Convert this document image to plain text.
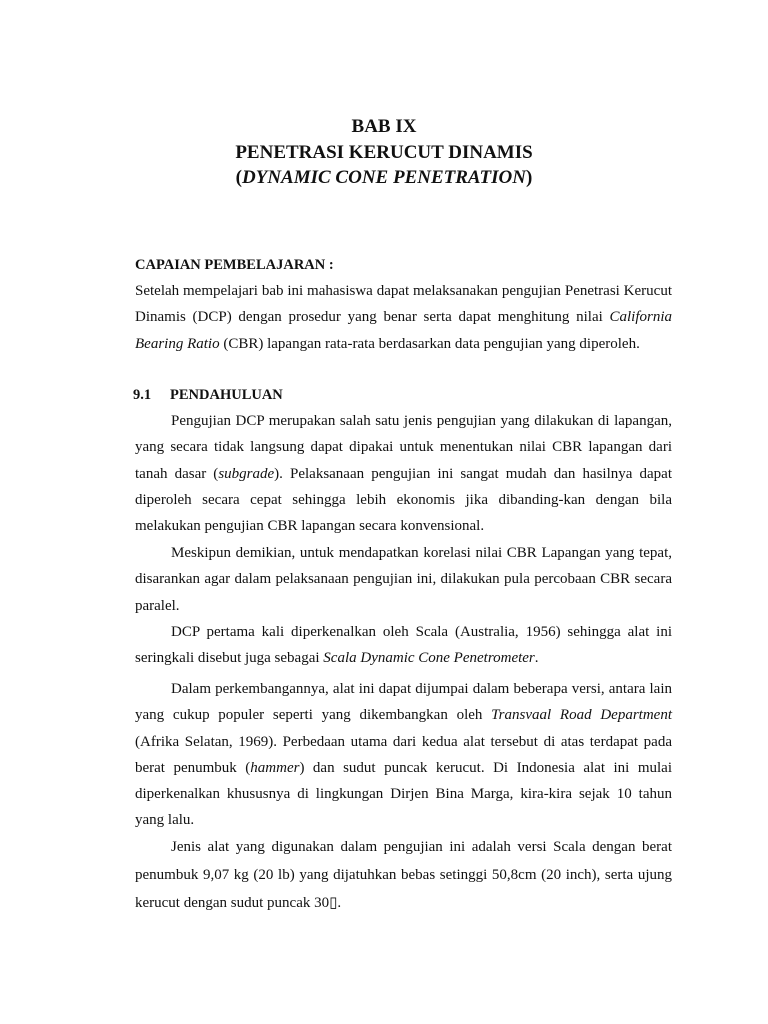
BAB IX
PENETRASI KERUCUT DINAMIS
(DYNAMIC CONE PENETRATION)
CAPAIAN PEMBELAJARAN :

Setelah mempelajari bab ini mahasiswa dapat melaksanakan pengujian Penetrasi Kerucut Dinamis (DCP) dengan prosedur yang benar serta dapat menghitung nilai California Bearing Ratio (CBR) lapangan rata-rata berdasarkan data pengujian yang diperoleh.

9.1 PENDAHULUAN

Pengujian DCP merupakan salah satu jenis pengujian yang dilakukan di lapangan, yang secara tidak langsung dapat dipakai untuk menentukan nilai CBR lapangan dari tanah dasar (subgrade). Pelaksanaan pengujian ini sangat mudah dan hasilnya dapat diperoleh secara cepat sehingga lebih ekonomis jika dibanding-kan dengan bila melakukan pengujian CBR lapangan secara konvensional.

Meskipun demikian, untuk mendapatkan korelasi nilai CBR Lapangan yang tepat, disarankan agar dalam pelaksanaan pengujian ini, dilakukan pula percobaan CBR secara paralel.

DCP pertama kali diperkenalkan oleh Scala (Australia, 1956) sehingga alat ini seringkali disebut juga sebagai Scala Dynamic Cone Penetrometer.

Dalam perkembangannya, alat ini dapat dijumpai dalam beberapa versi, antara lain yang cukup populer seperti yang dikembangkan oleh Transvaal Road Department (Afrika Selatan, 1969). Perbedaan utama dari kedua alat tersebut di atas terdapat pada berat penumbuk (hammer) dan sudut puncak kerucut. Di Indonesia alat ini mulai diperkenalkan khususnya di lingkungan Dirjen Bina Marga, kira-kira sejak 10 tahun yang lalu.

Jenis alat yang digunakan dalam pengujian ini adalah versi Scala dengan berat penumbuk 9,07 kg (20 lb) yang dijatuhkan bebas setinggi 50,8cm (20 inch), serta ujung kerucut dengan sudut puncak 30▯.
